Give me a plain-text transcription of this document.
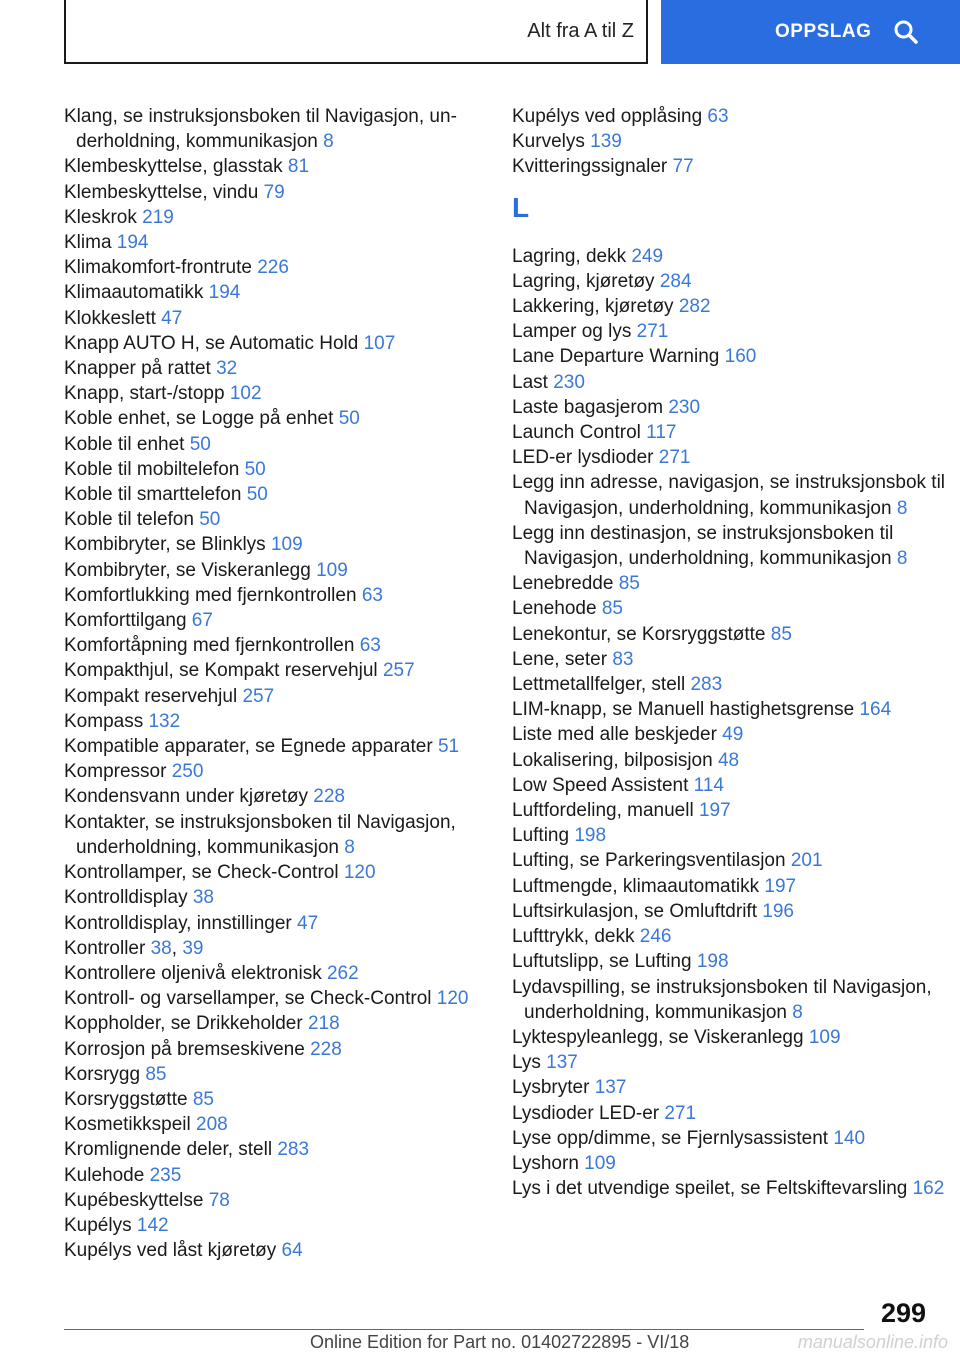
Alt fra A til Z	OPPSLAG
Klang, se instruksjonsboken til Navigasjon, underholdning, kommunikasjon 8
Klembeskyttelse, glasstak 81
Klembeskyttelse, vindu 79
Kleskrok 219
Klima 194
Klimakomfort-frontrute 226
Klimaautomatikk 194
Klokkeslett 47
Knapp AUTO H, se Automatic Hold 107
Knapper på rattet 32
Knapp, start-/stopp 102
Koble enhet, se Logge på enhet 50
Koble til enhet 50
Koble til mobiltelefon 50
Koble til smarttelefon 50
Koble til telefon 50
Kombibryter, se Blinklys 109
Kombibryter, se Viskeranlegg 109
Komfortlukking med fjernkontrollen 63
Komforttilgang 67
Komfortåpning med fjernkontrollen 63
Kompakthjul, se Kompakt reservehjul 257
Kompakt reservehjul 257
Kompass 132
Kompatible apparater, se Egnede apparater 51
Kompressor 250
Kondensvann under kjøretøy 228
Kontakter, se instruksjonsboken til Navigasjon, underholdning, kommunikasjon 8
Kontrollamper, se Check-Control 120
Kontrolldisplay 38
Kontrolldisplay, innstillinger 47
Kontroller 38, 39
Kontrollere oljenivå elektronisk 262
Kontroll- og varsellamper, se Check-Control 120
Koppholder, se Drikkeholder 218
Korrosjon på bremseskivene 228
Korsrygg 85
Korsryggstøtte 85
Kosmetikkspeil 208
Kromlignende deler, stell 283
Kulehode 235
Kupébeskyttelse 78
Kupélys 142
Kupélys ved låst kjøretøy 64
Kupélys ved opplåsing 63
Kurvelys 139
Kvitteringssignaler 77
L
Lagring, dekk 249
Lagring, kjøretøy 284
Lakkering, kjøretøy 282
Lamper og lys 271
Lane Departure Warning 160
Last 230
Laste bagasjerom 230
Launch Control 117
LED-er lysdioder 271
Legg inn adresse, navigasjon, se instruksjonsbok til Navigasjon, underholdning, kommunikasjon 8
Legg inn destinasjon, se instruksjonsboken til Navigasjon, underholdning, kommunikasjon 8
Lenebredde 85
Lenehode 85
Lenekontur, se Korsryggstøtte 85
Lene, seter 83
Lettmetallfelger, stell 283
LIM-knapp, se Manuell hastighetsgrense 164
Liste med alle beskjeder 49
Lokalisering, bilposisjon 48
Low Speed Assistent 114
Luftfordeling, manuell 197
Lufting 198
Lufting, se Parkeringsventilasjon 201
Luftmengde, klimaautomatikk 197
Luftsirkulasjon, se Omluftdrift 196
Lufttrykk, dekk 246
Luftutslipp, se Lufting 198
Lydavspilling, se instruksjonsboken til Navigasjon, underholdning, kommunikasjon 8
Lyktespyleanlegg, se Viskeranlegg 109
Lys 137
Lysbryter 137
Lysdioder LED-er 271
Lyse opp/dimme, se Fjernlysassistent 140
Lyshorn 109
Lys i det utvendige speilet, se Feltskiftevarsling 162
299
Online Edition for Part no. 01402722895 - VI/18	manualsonline.info
